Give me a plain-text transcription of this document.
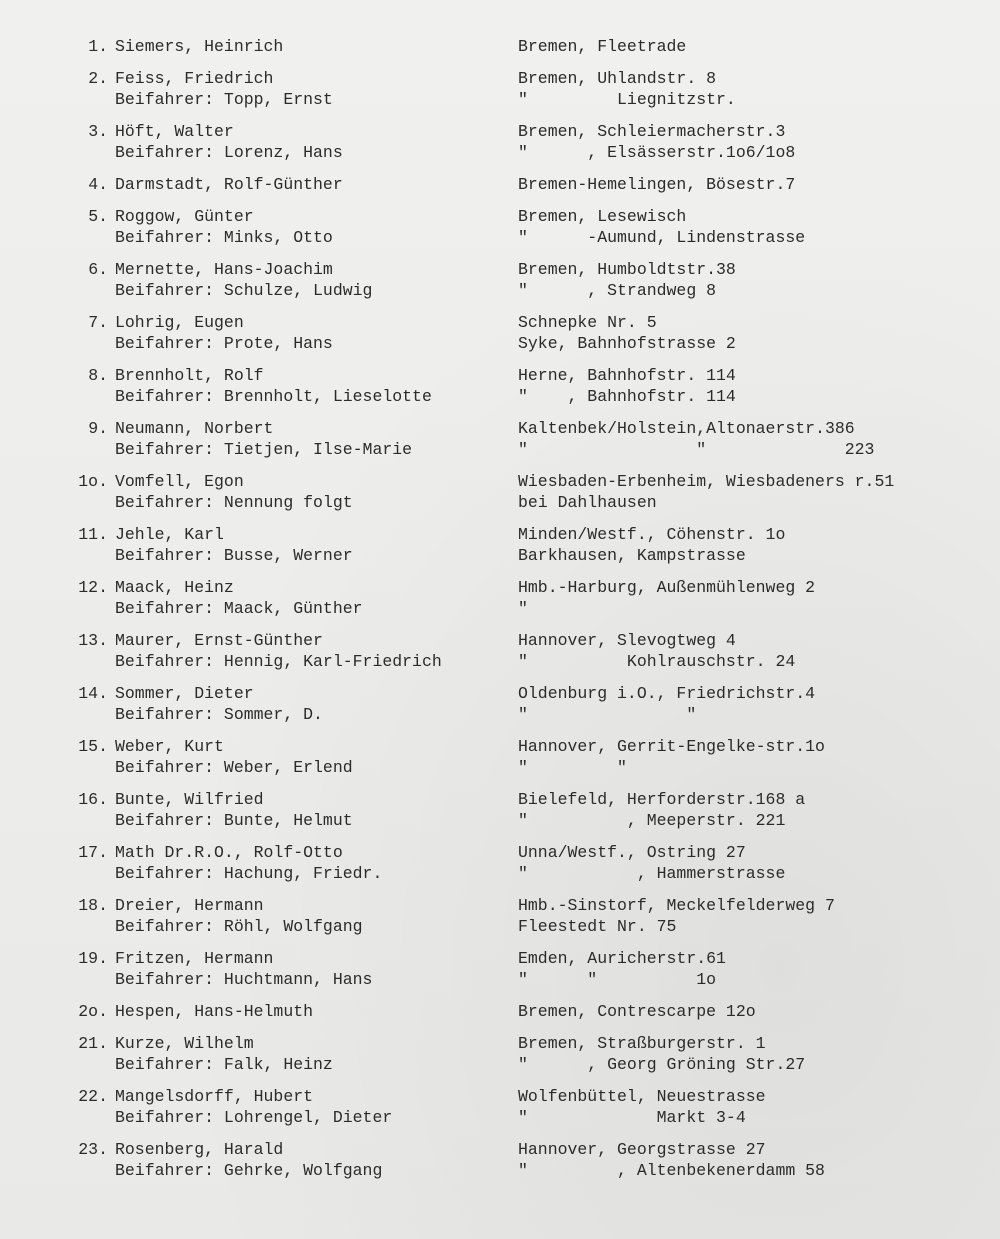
1. Siemers, Heinrich	Bremen, Fleetrade
2. Feiss, Friedrich	Bremen, Uhlandstr. 8
Beifahrer: Topp, Ernst	"         Liegnitzstr.
3. Höft, Walter	Bremen, Schleiermacherstr.3
Beifahrer: Lorenz, Hans	"      , Elsässerstr.1o6/1o8
4. Darmstadt, Rolf-Günther	Bremen-Hemelingen, Bösestr.7
5. Roggow, Günter	Bremen, Lesewisch
Beifahrer: Minks, Otto	"      -Aumund, Lindenstrasse
6. Mernette, Hans-Joachim	Bremen, Humboldtstr.38
Beifahrer: Schulze, Ludwig	"      , Strandweg 8
7. Lohrig, Eugen	Schnepke Nr. 5
Beifahrer: Prote, Hans	Syke, Bahnhofstrasse 2
8. Brennholt, Rolf	Herne, Bahnhofstr. 114
Beifahrer: Brennholt, Lieselotte	"    , Bahnhofstr. 114
9. Neumann, Norbert	Kaltenbek/Holstein,Altonaerstr.386
Beifahrer: Tietjen, Ilse-Marie	"                 "              223
1o. Vomfell, Egon	Wiesbaden-Erbenheim, Wiesbadeners r.51
Beifahrer: Nennung folgt	bei Dahlhausen
11. Jehle, Karl	Minden/Westf., Cöhenstr. 1o
Beifahrer: Busse, Werner	Barkhausen, Kampstrasse
12. Maack, Heinz	Hmb.-Harburg, Außenmühlenweg 2
Beifahrer: Maack, Günther	"
13. Maurer, Ernst-Günther	Hannover, Slevogtweg 4
Beifahrer: Hennig, Karl-Friedrich	"          Kohlrauschstr. 24
14. Sommer, Dieter	Oldenburg i.O., Friedrichstr.4
Beifahrer: Sommer, D.	"                "
15. Weber, Kurt	Hannover, Gerrit-Engelke-str.1o
Beifahrer: Weber, Erlend	"         "
16. Bunte, Wilfried	Bielefeld, Herforderstr.168 a
Beifahrer: Bunte, Helmut	"          , Meeperstr. 221
17. Math Dr.R.O., Rolf-Otto	Unna/Westf., Ostring 27
Beifahrer: Hachung, Friedr.	"           , Hammerstrasse
18. Dreier, Hermann	Hmb.-Sinstorf, Meckelfelderweg 7
Beifahrer: Röhl, Wolfgang	Fleestedt Nr. 75
19. Fritzen, Hermann	Emden, Auricherstr.61
Beifahrer: Huchtmann, Hans	"      "          1o
2o. Hespen, Hans-Helmuth	Bremen, Contrescarpe 12o
21. Kurze, Wilhelm	Bremen, Straßburgerstr. 1
Beifahrer: Falk, Heinz	"      , Georg Gröning Str.27
22. Mangelsdorff, Hubert	Wolfenbüttel, Neuestrasse
Beifahrer: Lohrengel, Dieter	"             Markt 3-4
23. Rosenberg, Harald	Hannover, Georgstrasse 27
Beifahrer: Gehrke, Wolfgang	"         , Altenbekenerdamm 58
